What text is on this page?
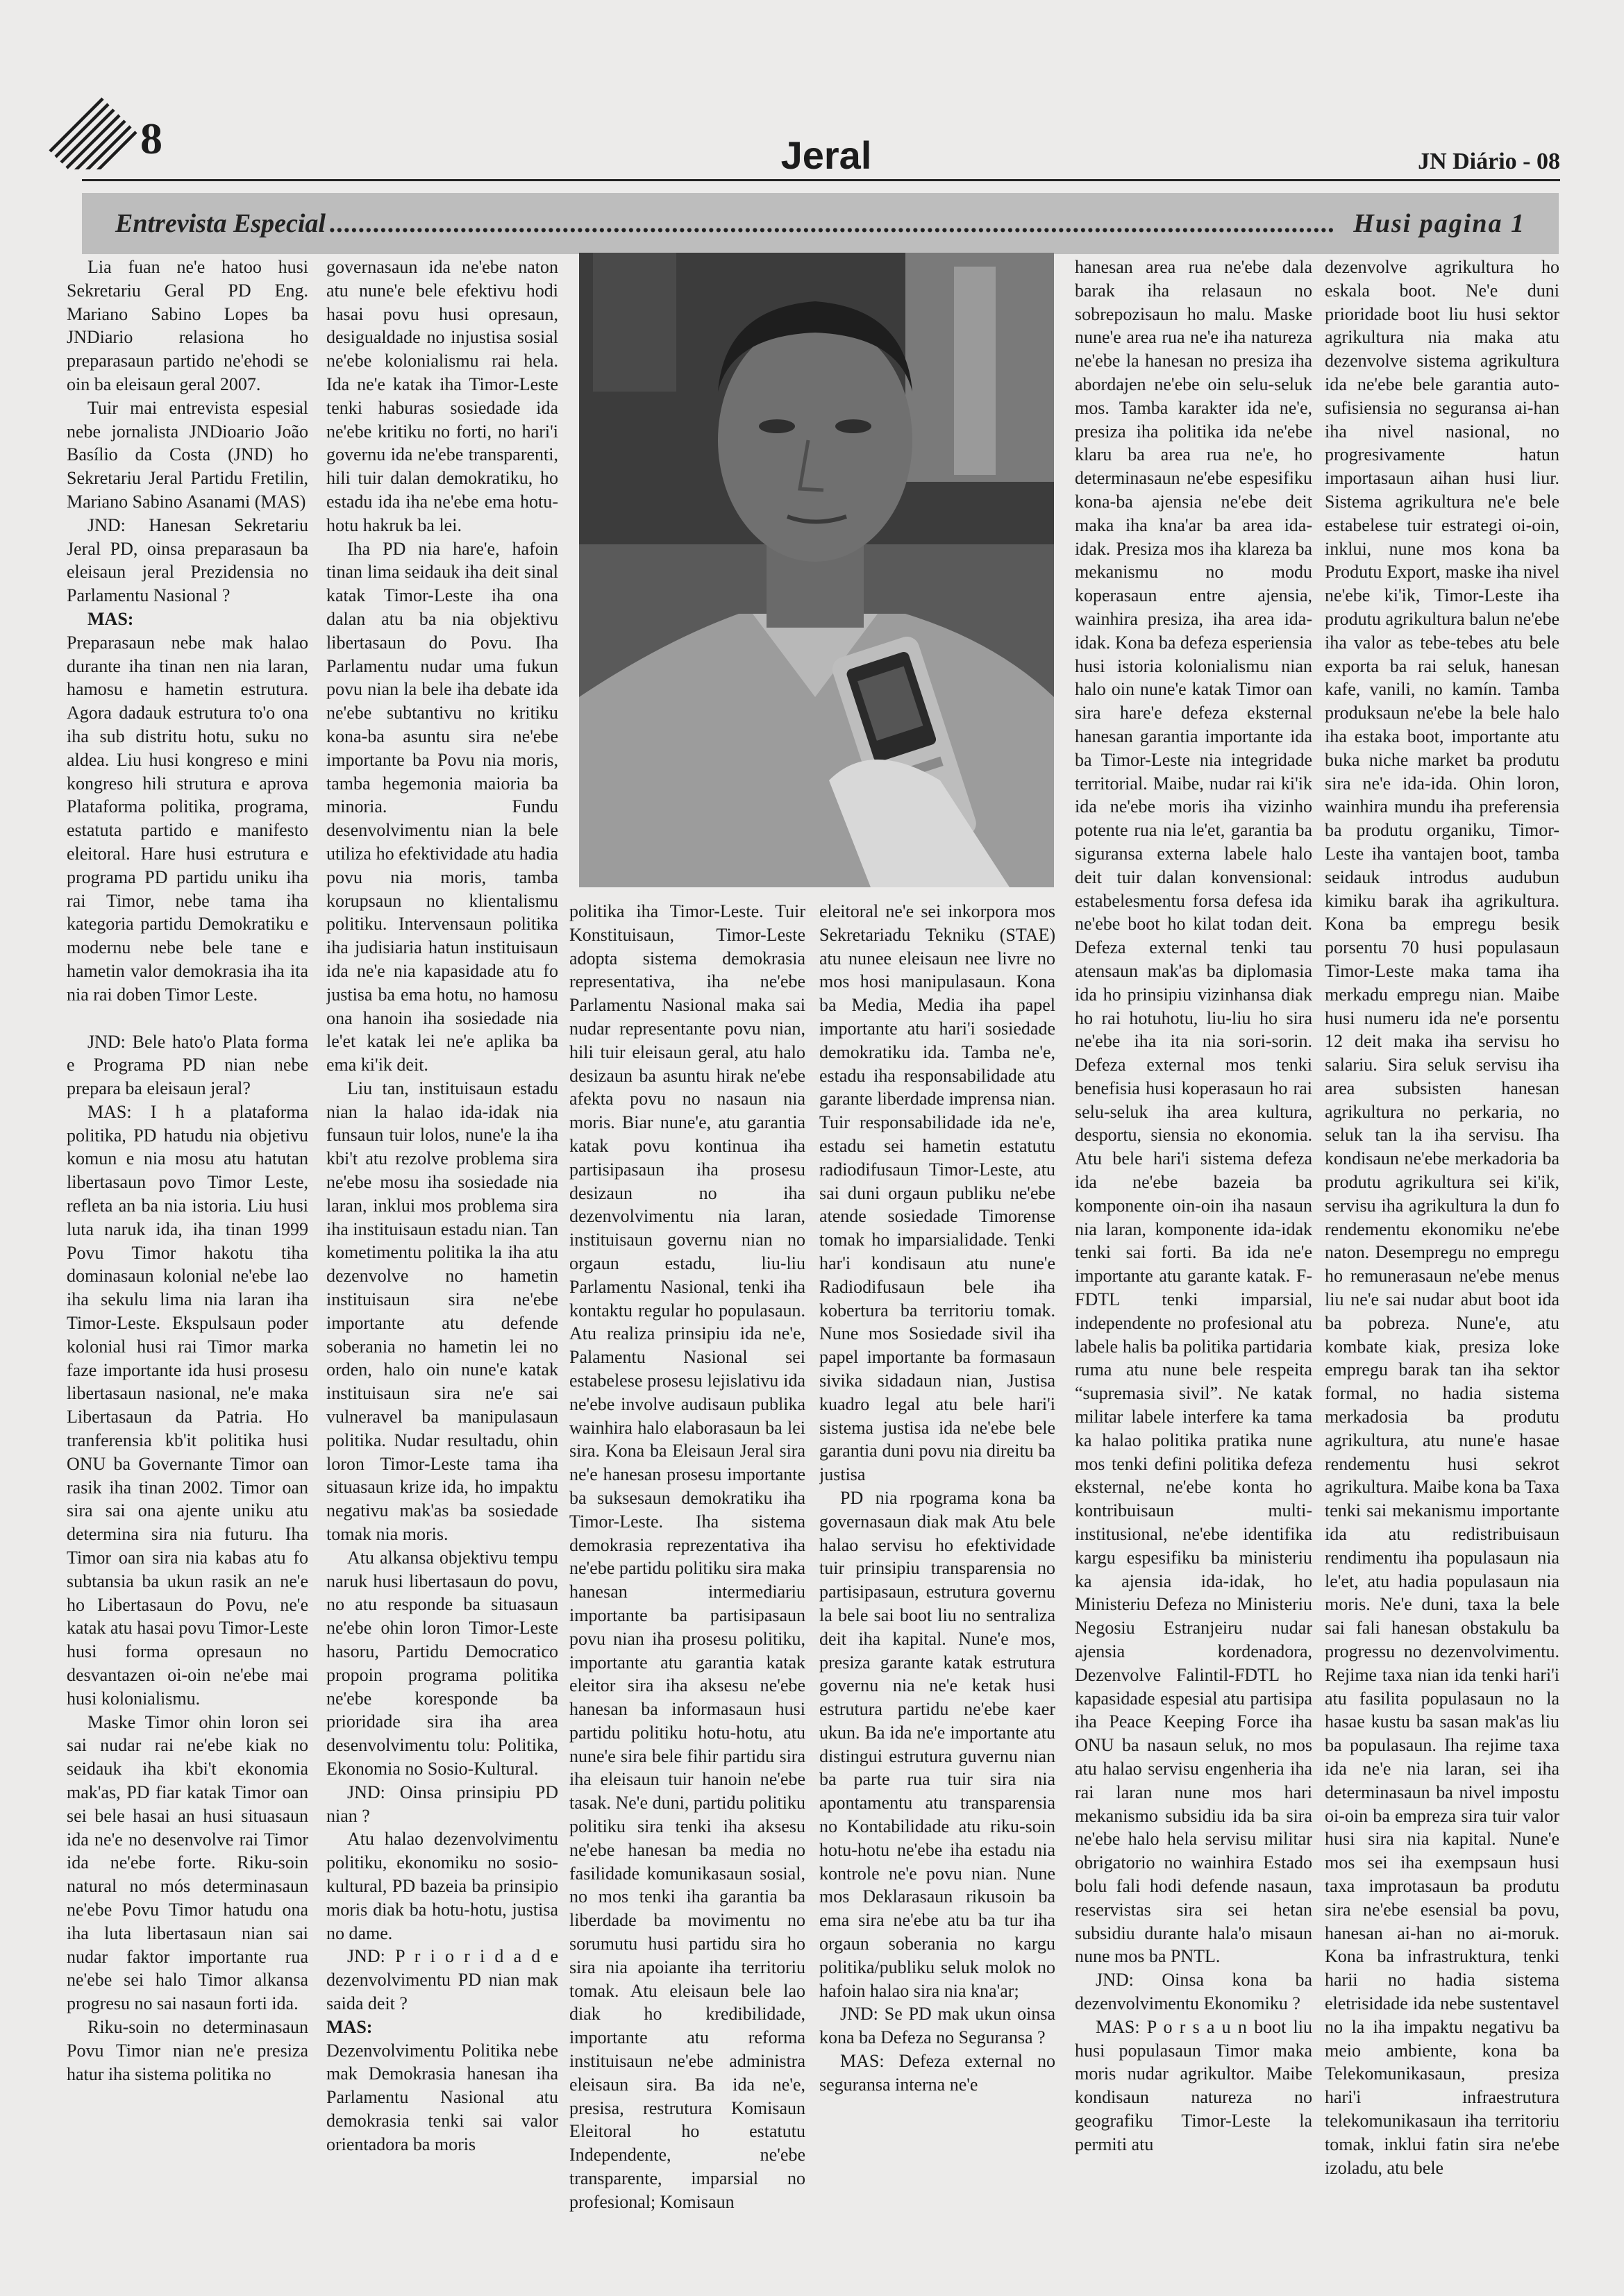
8	Jeral	JN Diário - 08
Entrevista Especial .......................................................................................................................................... Husi pagina 1

Lia fuan ne'e hatoo husi Sekretariu Geral PD Eng. Mariano Sabino Lopes ba JNDiario relasiona ho preparasaun partido ne'ehodi se oin ba eleisaun geral 2007.

Tuir mai entrevista espesial nebe jornalista JNDioario João Basílio da Costa (JND) ho Sekretariu Jeral Partidu Fretilin, Mariano Sabino Asanami (MAS)

JND: Hanesan Sekretariu Jeral PD, oinsa preparasaun ba eleisaun jeral Prezidensia no Parlamentu Nasional ?

MAS:

Preparasaun nebe mak halao durante iha tinan nen nia laran, hamosu e hametin estrutura. Agora dadauk estrutura to'o ona iha sub distritu hotu, suku no aldea. Liu husi kongreso e mini kongreso hili strutura e aprova Plataforma politika, programa, estatuta partido e manifesto eleitoral. Hare husi estrutura e programa PD partidu uniku iha rai Timor, nebe tama iha kategoria partidu Demokratiku e modernu nebe bele tane e hametin valor demokrasia iha ita nia rai doben Timor Leste.

JND: Bele hato'o Plata forma e Programa PD nian nebe prepara ba eleisaun jeral?

MAS: I h a plataforma politika, PD hatudu nia objetivu komun e nia mosu atu hatutan libertasaun povo Timor Leste, refleta an ba nia istoria. Liu husi luta naruk ida, iha tinan 1999 Povu Timor hakotu tiha dominasaun kolonial ne'ebe lao iha sekulu lima nia laran iha Timor-Leste. Ekspulsaun poder kolonial husi rai Timor marka faze importante ida husi prosesu libertasaun nasional, ne'e maka Libertasaun da Patria. Ho tranferensia kb'it politika husi ONU ba Governante Timor oan rasik iha tinan 2002. Timor oan sira sai ona ajente uniku atu determina sira nia futuru. Iha Timor oan sira nia kabas atu fo subtansia ba ukun rasik an ne'e ho Libertasaun do Povu, ne'e katak atu hasai povu Timor-Leste husi forma opresaun no desvantazen oi-oin ne'ebe mai husi kolonialismu.

Maske Timor ohin loron sei sai nudar rai ne'ebe kiak no seidauk iha kbi't ekonomia mak'as, PD fiar katak Timor oan sei bele hasai an husi situasaun ida ne'e no desenvolve rai Timor ida ne'ebe forte. Riku-soin natural no mós determinasaun ne'ebe Povu Timor hatudu ona iha luta libertasaun nian sai nudar faktor importante rua ne'ebe sei halo Timor alkansa progresu no sai nasaun forti ida.

Riku-soin no determinasaun Povu Timor nian ne'e presiza hatur iha sistema politika no

governasaun ida ne'ebe naton atu nune'e bele efektivu hodi hasai povu husi opresaun, desigualdade no injustisa sosial ne'ebe kolonialismu rai hela. Ida ne'e katak iha Timor-Leste tenki haburas sosiedade ida ne'ebe kritiku no forti, no hari'i governu ida ne'ebe transparenti, hili tuir dalan demokratiku, ho estadu ida iha ne'ebe ema hotu-hotu hakruk ba lei.

Iha PD nia hare'e, hafoin tinan lima seidauk iha deit sinal katak Timor-Leste iha ona dalan atu ba nia objektivu libertasaun do Povu. Iha Parlamentu nudar uma fukun povu nian la bele iha debate ida ne'ebe subtantivu no kritiku kona-ba asuntu sira ne'ebe importante ba Povu nia moris, tamba hegemonia maioria ba minoria. Fundu desenvolvimentu nian la bele utiliza ho efektividade atu hadia povu nia moris, tamba korupsaun no klientalismu politiku. Intervensaun politika iha judisiaria hatun instituisaun ida ne'e nia kapasidade atu fo justisa ba ema hotu, no hamosu ona hanoin iha sosiedade nia le'et katak lei ne'e aplika ba ema ki'ik deit.

Liu tan, instituisaun estadu nian la halao ida-idak nia funsaun tuir lolos, nune'e la iha kbi't atu rezolve problema sira ne'ebe mosu iha sosiedade nia laran, inklui mos problema sira iha instituisaun estadu nian. Tan kometimentu politika la iha atu dezenvolve no hametin instituisaun sira ne'ebe importante atu defende soberania no hametin lei no orden, halo oin nune'e katak instituisaun sira ne'e sai vulneravel ba manipulasaun politika. Nudar resultadu, ohin loron Timor-Leste tama iha situasaun krize ida, ho impaktu negativu mak'as ba sosiedade tomak nia moris.

Atu alkansa objektivu tempu naruk husi libertasaun do povu, no atu responde ba situasaun ne'ebe ohin loron Timor-Leste hasoru, Partidu Democratico propoin programa politika ne'ebe koresponde ba prioridade sira iha area desenvolvimentu tolu: Politika, Ekonomia no Sosio-Kultural.

JND: Oinsa prinsipiu PD nian ?

Atu halao dezenvolvimentu politiku, ekonomiku no sosio-kultural, PD bazeia ba prinsipio moris diak ba hotu-hotu, justisa no dame.

JND: P r i o r i d a d e dezenvolvimentu PD nian mak saida deit ?

MAS:

Dezenvolvimentu Politika nebe mak Demokrasia hanesan iha Parlamentu Nasional atu demokrasia tenki sai valor orientadora ba moris

politika iha Timor-Leste. Tuir Konstituisaun, Timor-Leste adopta sistema demokrasia representativa, iha ne'ebe Parlamentu Nasional maka sai nudar representante povu nian, hili tuir eleisaun geral, atu halo desizaun ba asuntu hirak ne'ebe afekta povu no nasaun nia moris. Biar nune'e, atu garantia katak povu kontinua iha partisipasaun iha prosesu desizaun no iha dezenvolvimentu nia laran, instituisaun governu nian no orgaun estadu, liu-liu Parlamentu Nasional, tenki iha kontaktu regular ho populasaun. Atu realiza prinsipiu ida ne'e, Palamentu Nasional sei estabelese prosesu lejislativu ida ne'ebe involve audisaun publika wainhira halo elaborasaun ba lei sira. Kona ba Eleisaun Jeral sira ne'e hanesan prosesu importante ba suksesaun demokratiku iha Timor-Leste. Iha sistema demokrasia reprezentativa iha ne'ebe partidu politiku sira maka hanesan intermediariu importante ba partisipasaun povu nian iha prosesu politiku, importante atu garantia katak eleitor sira iha aksesu ne'ebe hanesan ba informasaun husi partidu politiku hotu-hotu, atu nune'e sira bele fihir partidu sira iha eleisaun tuir hanoin ne'ebe tasak. Ne'e duni, partidu politiku politiku sira tenki iha aksesu ne'ebe hanesan ba media no fasilidade komunikasaun sosial, no mos tenki iha garantia ba liberdade ba movimentu no sorumutu husi partidu sira ho sira nia apoiante iha territoriu tomak. Atu eleisaun bele lao diak ho kredibilidade, importante atu reforma instituisaun ne'ebe administra eleisaun sira. Ba ida ne'e, presisa, restrutura Komisaun Eleitoral ho estatutu Independente, ne'ebe transparente, imparsial no profesional; Komisaun

eleitoral ne'e sei inkorpora mos Sekretariadu Tekniku (STAE) atu nunee eleisaun nee livre no mos hosi manipulasaun. Kona ba Media, Media iha papel importante atu hari'i sosiedade demokratiku ida. Tamba ne'e, estadu iha responsabilidade atu garante liberdade imprensa nian. Tuir responsabilidade ida ne'e, estadu sei hametin estatutu radiodifusaun Timor-Leste, atu sai duni orgaun publiku ne'ebe atende sosiedade Timorense tomak ho imparsialidade. Tenki har'i kondisaun atu nune'e Radiodifusaun bele iha kobertura ba territoriu tomak. Nune mos Sosiedade sivil iha papel importante ba formasaun sivika sidadaun nian, Justisa kuadro legal atu bele hari'i sistema justisa ida ne'ebe bele garantia duni povu nia direitu ba justisa

PD nia rpograma kona ba governasaun diak mak Atu bele halao servisu ho efektividade tuir prinsipiu transparensia no partisipasaun, estrutura governu la bele sai boot liu no sentraliza deit iha kapital. Nune'e mos, presiza garante katak estrutura governu nia ne'e ketak husi estrutura partidu ne'ebe kaer ukun. Ba ida ne'e importante atu distingui estrutura guvernu nian ba parte rua tuir sira nia apontamentu atu transparensia no Kontabilidade atu riku-soin hotu-hotu ne'ebe iha estadu nia kontrole ne'e povu nian. Nune mos Deklarasaun rikusoin ba ema sira ne'ebe atu ba tur iha orgaun soberania no kargu politika/publiku seluk molok no hafoin halao sira nia kna'ar;

JND: Se PD mak ukun oinsa kona ba Defeza no Seguransa ?

MAS: Defeza external no seguransa interna ne'e

hanesan area rua ne'ebe dala barak iha relasaun no sobrepozisaun ho malu. Maske nune'e area rua ne'e iha natureza ne'ebe la hanesan no presiza iha abordajen ne'ebe oin selu-seluk mos. Tamba karakter ida ne'e, presiza iha politika ida ne'ebe klaru ba area rua ne'e, ho determinasaun ne'ebe espesifiku kona-ba ajensia ne'ebe deit maka iha kna'ar ba area ida-idak. Presiza mos iha klareza ba mekanismu no modu koperasaun entre ajensia, wainhira presiza, iha area ida-idak. Kona ba defeza esperiensia husi istoria kolonialismu nian halo oin nune'e katak Timor oan sira hare'e defeza eksternal hanesan garantia importante ida ba Timor-Leste nia integridade territorial. Maibe, nudar rai ki'ik ida ne'ebe moris iha vizinho potente rua nia le'et, garantia ba siguransa externa labele halo deit tuir dalan konvensional: estabelesmentu forsa defesa ida ne'ebe boot ho kilat todan deit. Defeza external tenki tau atensaun mak'as ba diplomasia ida ho prinsipiu vizinhansa diak ho rai hotuhotu, liu-liu ho sira ne'ebe iha ita nia sori-sorin. Defeza external mos tenki benefisia husi koperasaun ho rai selu-seluk iha area kultura, desportu, siensia no ekonomia. Atu bele hari'i sistema defeza ida ne'ebe bazeia ba komponente oin-oin iha nasaun nia laran, komponente ida-idak tenki sai forti. Ba ida ne'e importante atu garante katak. F-FDTL tenki imparsial, independente no profesional atu labele halis ba politika partidaria ruma atu nune bele respeita “supremasia sivil”. Ne katak militar labele interfere ka tama ka halao politika pratika nune mos tenki defini politika defeza eksternal, ne'ebe konta ho kontribuisaun multi-institusional, ne'ebe identifika kargu espesifiku ba ministeriu ka ajensia ida-idak, ho Ministeriu Defeza no Ministeriu Negosiu Estranjeiru nudar ajensia kordenadora, Dezenvolve Falintil-FDTL ho kapasidade espesial atu partisipa iha Peace Keeping Force iha ONU ba nasaun seluk, no mos atu halao servisu engenheria iha rai laran nune mos hari mekanismo subsidiu ida ba sira ne'ebe halo hela servisu militar obrigatorio no wainhira Estado bolu fali hodi defende nasaun, reservistas sira sei hetan subsidiu durante hala'o misaun nune mos ba PNTL.

JND: Oinsa kona ba dezenvolvimentu Ekonomiku ?

MAS: P o r s a u n boot liu husi populasaun Timor maka moris nudar agrikultor. Maibe kondisaun natureza no geografiku Timor-Leste la permiti atu

dezenvolve agrikultura ho eskala boot. Ne'e duni prioridade boot liu husi sektor agrikultura nia maka atu dezenvolve sistema agrikultura ida ne'ebe bele garantia auto-sufisiensia no seguransa ai-han iha nivel nasional, no progresivamente hatun importasaun aihan husi liur. Sistema agrikultura ne'e bele estabelese tuir estrategi oi-oin, inklui, nune mos kona ba Produtu Export, maske iha nivel ne'ebe ki'ik, Timor-Leste iha produtu agrikultura balun ne'ebe iha valor as tebe-tebes atu bele exporta ba rai seluk, hanesan kafe, vanili, no kamín. Tamba produksaun ne'ebe la bele halo iha estaka boot, importante atu buka niche market ba produtu sira ne'e ida-ida. Ohin loron, wainhira mundu iha preferensia ba produtu organiku, Timor-Leste iha vantajen boot, tamba seidauk introdus audubun kimiku barak iha agrikultura. Kona ba empregu besik porsentu 70 husi populasaun Timor-Leste maka tama iha merkadu empregu nian. Maibe husi numeru ida ne'e porsentu 12 deit maka iha servisu ho salariu. Sira seluk servisu iha area subsisten hanesan agrikultura no perkaria, no seluk tan la iha servisu. Iha kondisaun ne'ebe merkadoria ba produtu agrikultura sei ki'ik, servisu iha agrikultura la dun fo rendementu ekonomiku ne'ebe naton. Desempregu no empregu ho remunerasaun ne'ebe menus liu ne'e sai nudar abut boot ida ba pobreza. Nune'e, atu kombate kiak, presiza loke empregu barak tan iha sektor formal, no hadia sistema merkadosia ba produtu agrikultura, atu nune'e hasae rendementu husi sekrot agrikultura. Maibe kona ba Taxa tenki sai mekanismu importante ida atu redistribuisaun rendimentu iha populasaun nia le'et, atu hadia populasaun nia moris. Ne'e duni, taxa la bele sai fali hanesan obstakulu ba progressu no dezenvolvimentu. Rejime taxa nian ida tenki hari'i atu fasilita populasaun no la hasae kustu ba sasan mak'as liu ba populasaun. Iha rejime taxa ida ne'e nia laran, sei iha determinasaun ba nivel impostu oi-oin ba empreza sira tuir valor husi sira nia kapital. Nune'e mos sei iha exempsaun husi taxa improtasaun ba produtu sira ne'ebe esensial ba povu, hanesan ai-han no ai-moruk. Kona ba infrastruktura, tenki harii no hadia sistema eletrisidade ida nebe sustentavel no la iha impaktu negativu ba meio ambiente, kona ba Telekomunikasaun, presiza hari'i infraestrutura telekomunikasaun iha territoriu tomak, inklui fatin sira ne'ebe izoladu, atu bele
